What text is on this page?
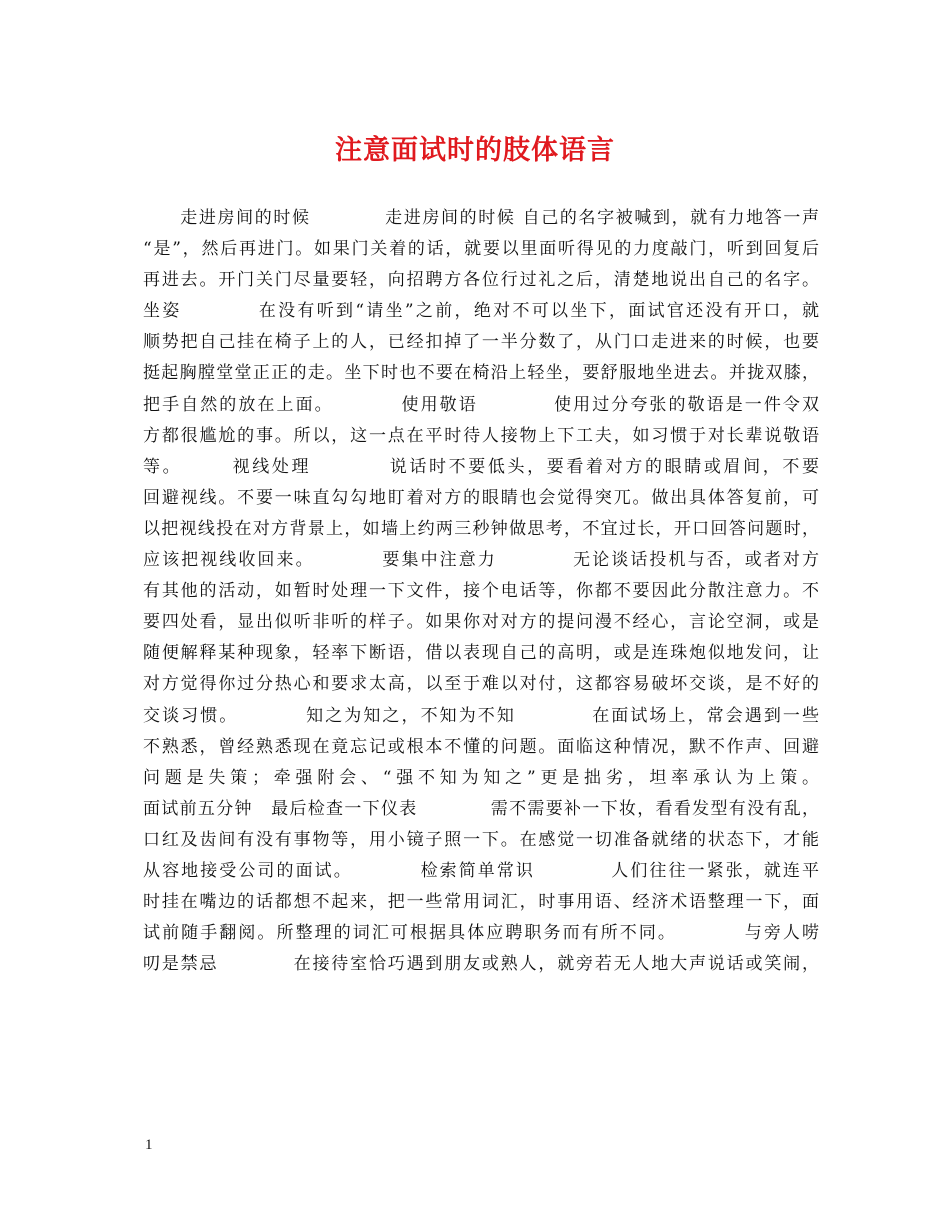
注意面试时的肢体语言
　　走进房间的时候　　　　走进房间的时候 自己的名字被喊到，就有力地答一声
“是”，然后再进门。如果门关着的话，就要以里面听得见的力度敲门，听到回复后
再进去。开门关门尽量要轻，向招聘方各位行过礼之后，清楚地说出自己的名字。
坐姿　　　　在没有听到“请坐”之前，绝对不可以坐下，面试官还没有开口，就
顺势把自己挂在椅子上的人，已经扣掉了一半分数了，从门口走进来的时候，也要
挺起胸膛堂堂正正的走。坐下时也不要在椅沿上轻坐，要舒服地坐进去。并拢双膝，
把手自然的放在上面。　　　　使用敬语　　　　使用过分夸张的敬语是一件令双
方都很尴尬的事。所以，这一点在平时待人接物上下工夫，如习惯于对长辈说敬语
等。　　　视线处理　　　　说话时不要低头，要看着对方的眼睛或眉间，不要
回避视线。不要一味直勾勾地盯着对方的眼睛也会觉得突兀。做出具体答复前，可
以把视线投在对方背景上，如墙上约两三秒钟做思考，不宜过长，开口回答问题时，
应该把视线收回来。　　　　要集中注意力　　　　无论谈话投机与否，或者对方
有其他的活动，如暂时处理一下文件，接个电话等，你都不要因此分散注意力。不
要四处看，显出似听非听的样子。如果你对对方的提问漫不经心，言论空洞，或是
随便解释某种现象，轻率下断语，借以表现自己的高明，或是连珠炮似地发问，让
对方觉得你过分热心和要求太高，以至于难以对付，这都容易破坏交谈，是不好的
交谈习惯。　　　　知之为知之，不知为不知　　　　在面试场上，常会遇到一些
不熟悉，曾经熟悉现在竟忘记或根本不懂的问题。面临这种情况，默不作声、回避
问题是失策；牵强附会、“强不知为知之”更是拙劣，坦率承认为上策。
面试前五分钟　最后检查一下仪表　　　　需不需要补一下妆，看看发型有没有乱，
口红及齿间有没有事物等，用小镜子照一下。在感觉一切准备就绪的状态下，才能
从容地接受公司的面试。　　　　检索简单常识　　　　人们往往一紧张，就连平
时挂在嘴边的话都想不起来，把一些常用词汇，时事用语、经济术语整理一下，面
试前随手翻阅。所整理的词汇可根据具体应聘职务而有所不同。　　　　与旁人唠
叨是禁忌　　　　在接待室恰巧遇到朋友或熟人，就旁若无人地大声说话或笑闹，
1
